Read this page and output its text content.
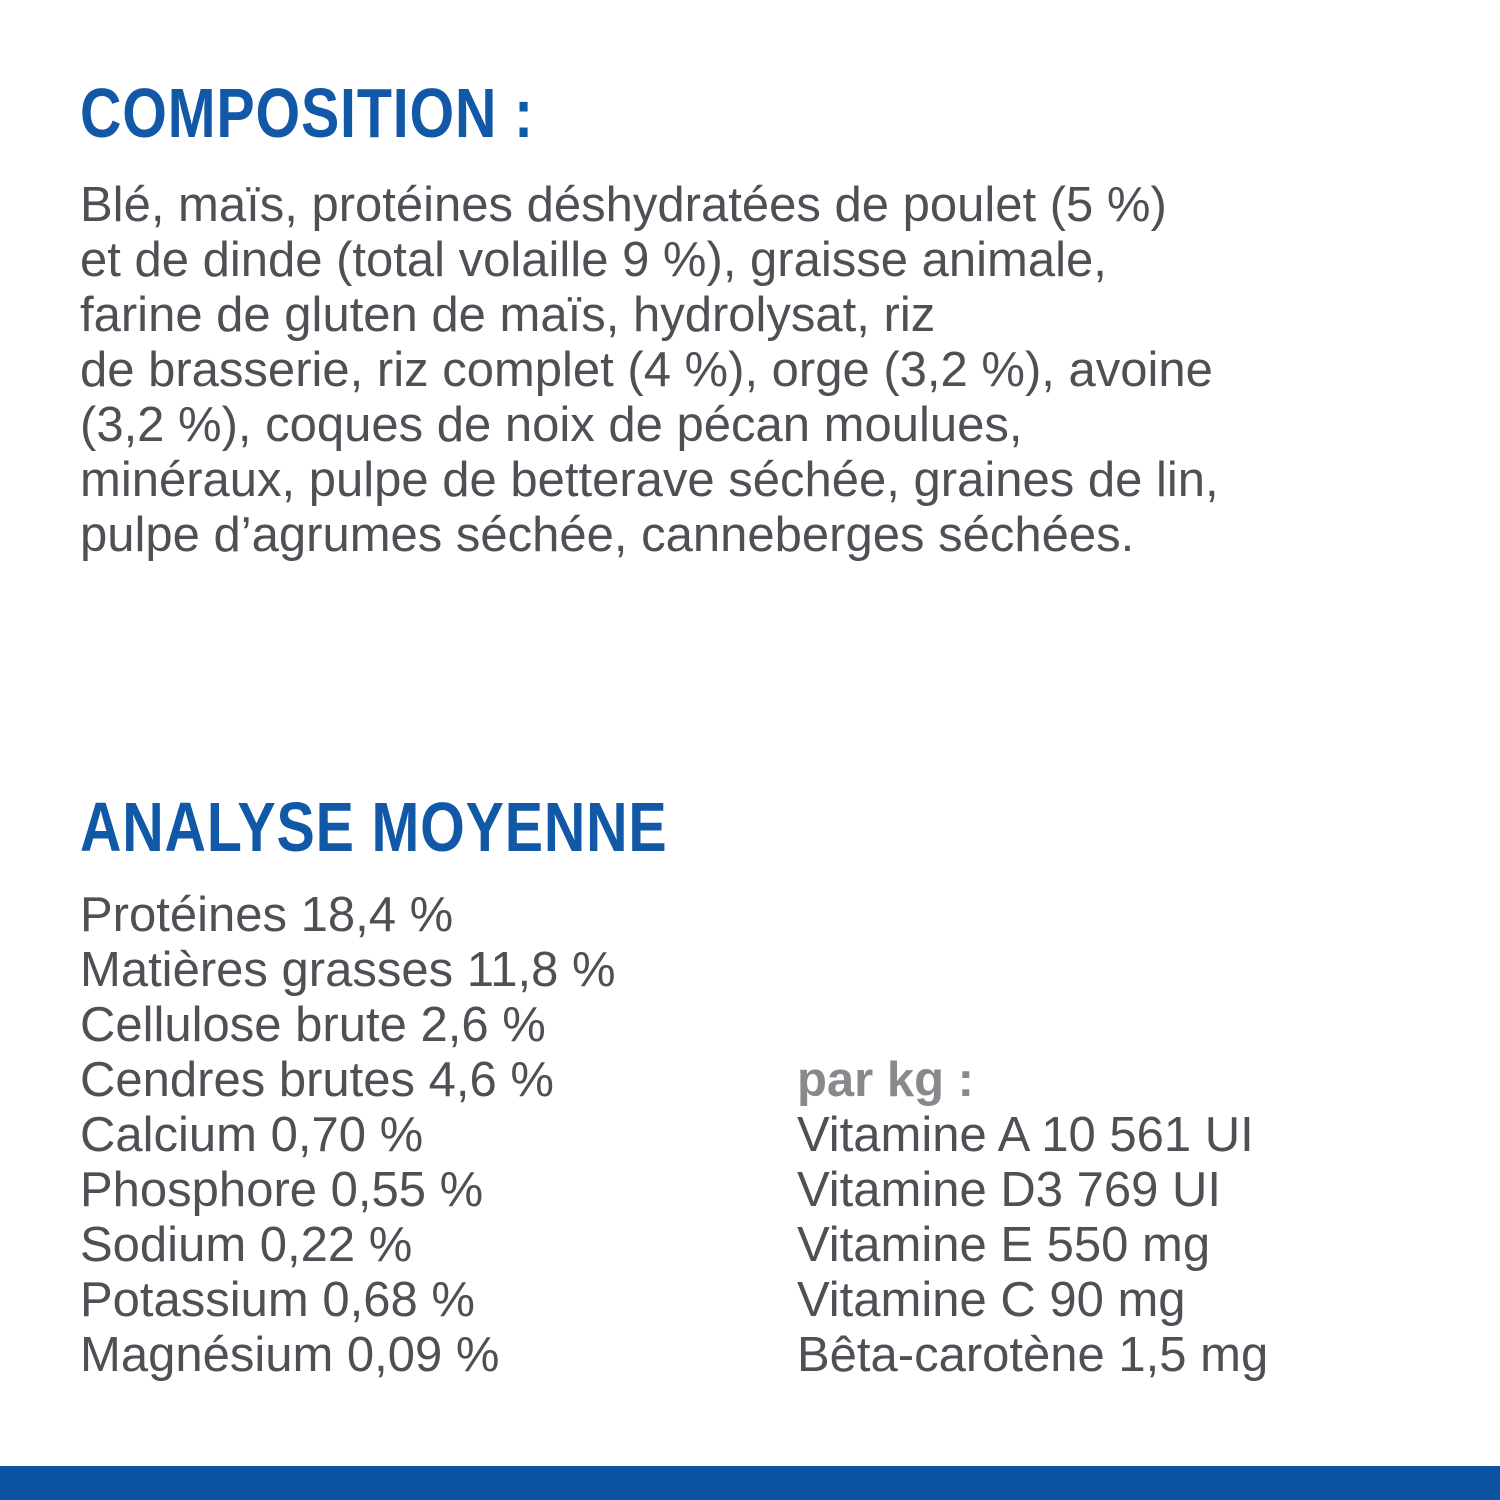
COMPOSITION :
Blé, maïs, protéines déshydratées de poulet (5 %)
et de dinde (total volaille 9 %), graisse animale,
farine de gluten de maïs, hydrolysat, riz
de brasserie, riz complet (4 %), orge (3,2 %), avoine
(3,2 %), coques de noix de pécan moulues,
minéraux, pulpe de betterave séchée, graines de lin,
pulpe d’agrumes séchée, canneberges séchées.
ANALYSE MOYENNE
Protéines 18,4 %
Matières grasses 11,8 %
Cellulose brute 2,6 %
Cendres brutes 4,6 %
Calcium 0,70 %
Phosphore 0,55 %
Sodium 0,22 %
Potassium 0,68 %
Magnésium 0,09 %
par kg :
Vitamine A 10 561 UI
Vitamine D3 769 UI
Vitamine E 550 mg
Vitamine C 90 mg
Bêta-carotène 1,5 mg
